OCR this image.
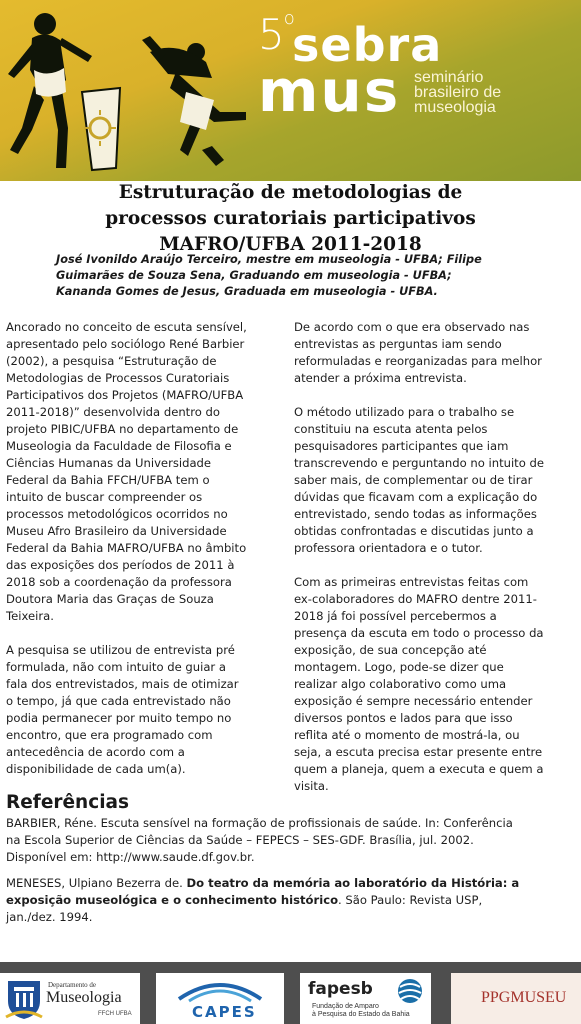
5$^o$
sebra
mus seminário
brasileiro de
museologia
Estruturação de metodologias de
processos curatoriais participativos
MAFRO/UFBA 2011-2018
José Ivonildo Araújo Terceiro, mestre em museologia - UFBA; Filipe
Guimarães de Souza Sena, Graduando em museologia - UFBA;
Kananda Gomes de Jesus, Graduada em museologia - UFBA.

Ancorado no conceito de escuta sensível,
apresentado pelo sociólogo René Barbier
(2002), a pesquisa “Estruturação de
Metodologias de Processos Curatoriais
Participativos dos Projetos (MAFRO/UFBA
2011-2018)” desenvolvida dentro do
projeto PIBIC/UFBA no departamento de
Museologia da Faculdade de Filosofia e
Ciências Humanas da Universidade
Federal da Bahia FFCH/UFBA tem o
intuito de buscar compreender os
processos metodológicos ocorridos no
Museu Afro Brasileiro da Universidade
Federal da Bahia MAFRO/UFBA no âmbito
das exposições dos períodos de 2011 à
2018 sob a coordenação da professora
Doutora Maria das Graças de Souza
Teixeira.

A pesquisa se utilizou de entrevista pré
formulada, não com intuito de guiar a
fala dos entrevistados, mais de otimizar
o tempo, já que cada entrevistado não
podia permanecer por muito tempo no
encontro, que era programado com
antecedência de acordo com a
disponibilidade de cada um(a).

De acordo com o que era observado nas
entrevistas as perguntas iam sendo
reformuladas e reorganizadas para melhor
atender a próxima entrevista.

O método utilizado para o trabalho se
constituiu na escuta atenta pelos
pesquisadores participantes que iam
transcrevendo e perguntando no intuito de
saber mais, de complementar ou de tirar
dúvidas que ficavam com a explicação do
entrevistado, sendo todas as informações
obtidas confrontadas e discutidas junto a
professora orientadora e o tutor.

Com as primeiras entrevistas feitas com
ex-colaboradores do MAFRO dentre 2011-
2018 já foi possível percebermos a
presença da escuta em todo o processo da
exposição, de sua concepção até
montagem. Logo, pode-se dizer que
realizar algo colaborativo como uma
exposição é sempre necessário entender
diversos pontos e lados para que isso
reflita até o momento de mostrá-la, ou
seja, a escuta precisa estar presente entre
quem a planeja, quem a executa e quem a
visita.

Referências

BARBIER, Réne. Escuta sensível na formação de profissionais de saúde. In: Conferência
na Escola Superior de Ciências da Saúde – FEPECS – SES-GDF. Brasília, jul. 2002.
Disponível em: http://www.saude.df.gov.br.

MENESES, Ulpiano Bezerra de. Do teatro da memória ao laboratório da História: a
exposição museológica e o conhecimento histórico. São Paulo: Revista USP,
jan./dez. 1994.

Departamento de
Museologia
FFCH UFBA	CAPES
fapesb
Fundação de Amparo
à Pesquisa do Estado da Bahia
PPGMUSEU
